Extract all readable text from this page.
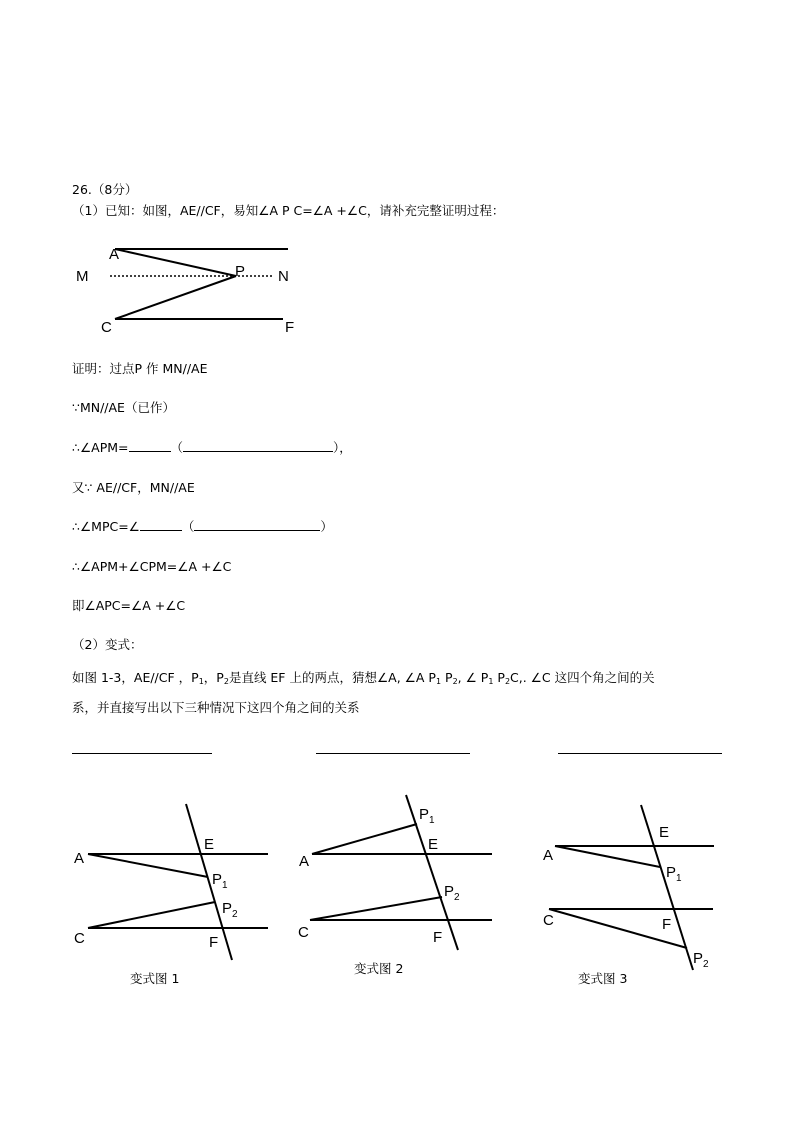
26.（8分）
（1）已知：如图，AE//CF，易知∠A P C=∠A +∠C，请补充完整证明过程：
证明：过点P 作 MN//AE
∵MN//AE（已作）
∴∠APM=	（	），
又∵ AE//CF，MN//AE
∴∠MPC=∠	（	）
∴∠APM+∠CPM=∠A +∠C
即∠APC=∠A +∠C
（2）变式：
如图 1-3，AE//CF ，$P_1$，$P_2$是直线 EF 上的两点，猜想∠A, ∠A $P_1$ $P_2$, ∠ $P_1$ $P_2C$,. ∠C 这四个角之间的关
系，并直接写出以下三种情况下这四个角之间的关系
A
M	P N
C	F
A
E
$P_1$
$P_2$
C	F
变式图 1
A
E
$P_1$
$P_2$
C	F
变式图 2
A
E
$P_1$
$P_2$
C	F
变式图 3
